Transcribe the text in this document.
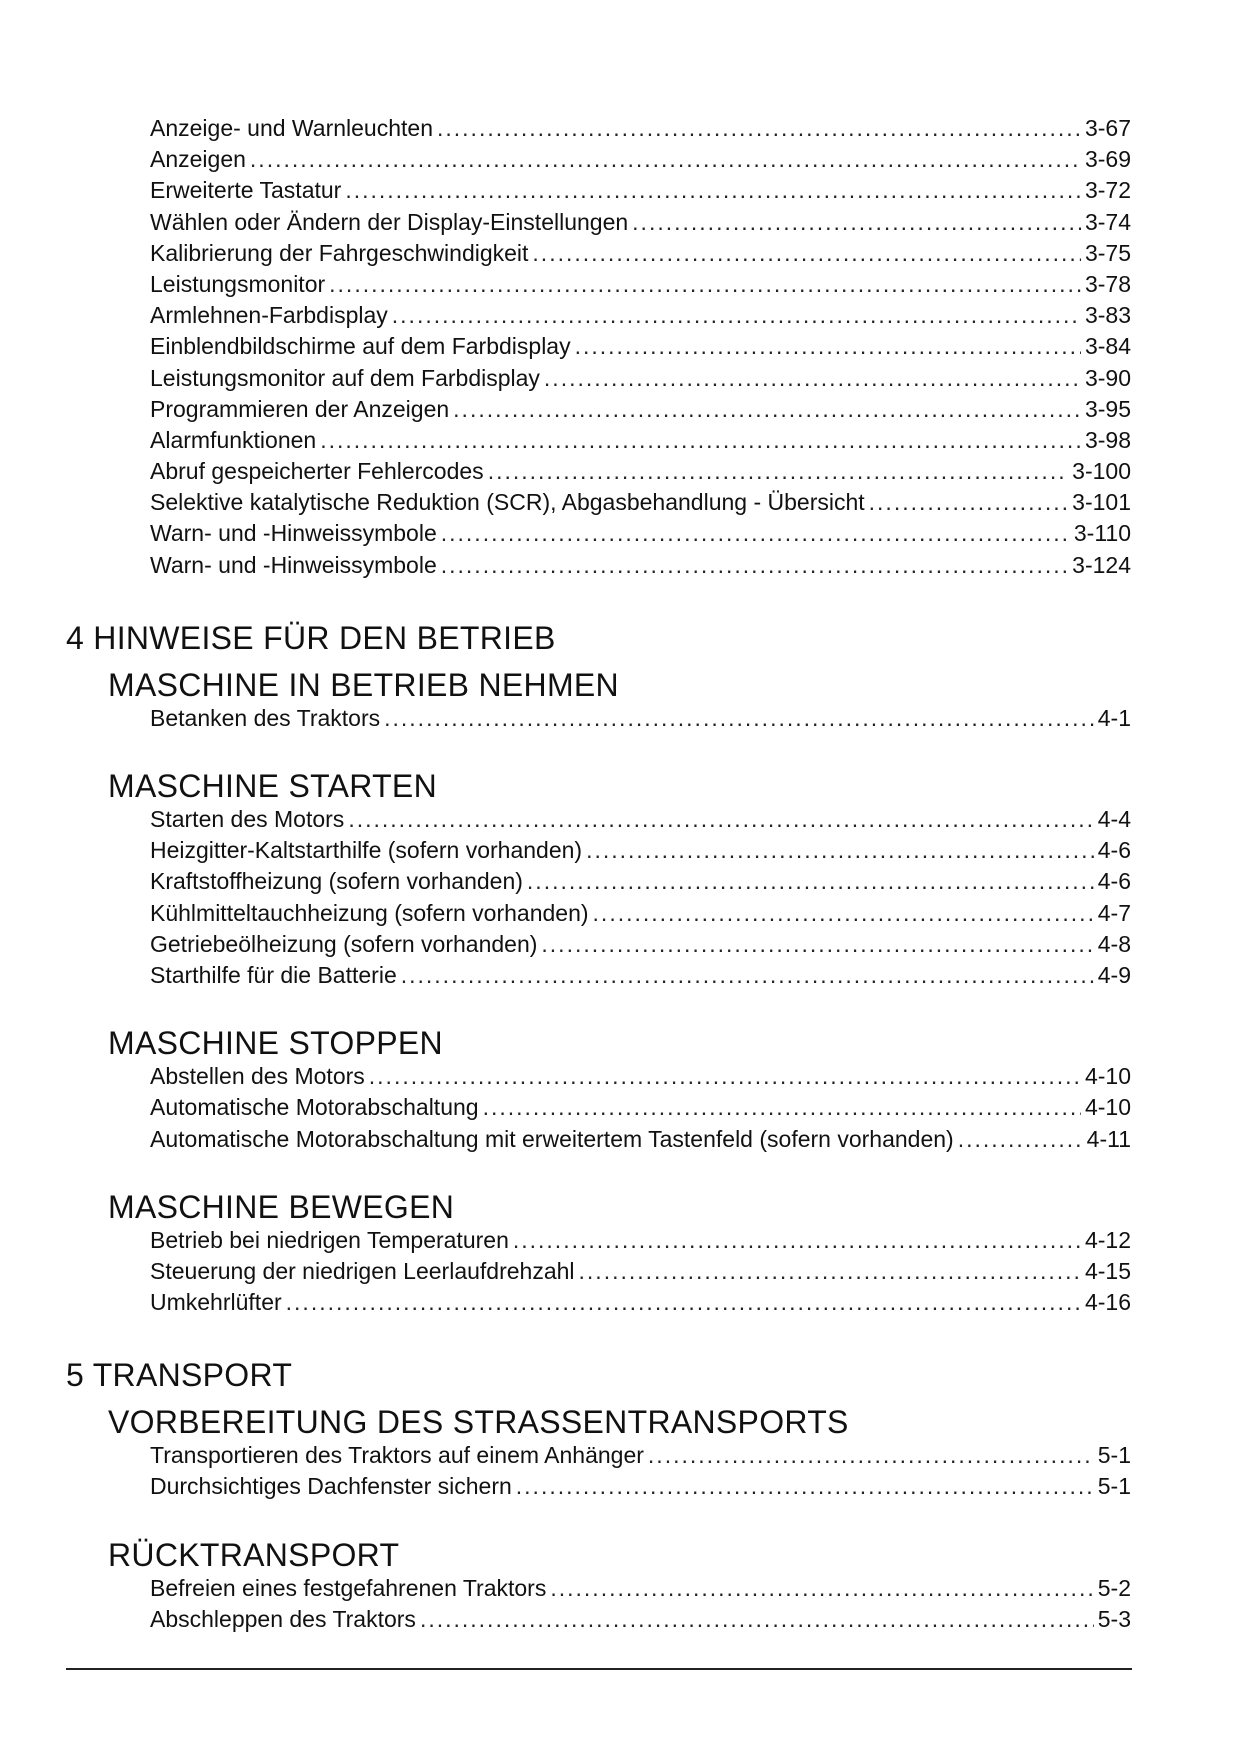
Anzeige- und Warnleuchten .....	3-67
Anzeigen .....	3-69
Erweiterte Tastatur .....	3-72
Wählen oder Ändern der Display-Einstellungen .....	3-74
Kalibrierung der Fahrgeschwindigkeit .....	3-75
Leistungsmonitor .....	3-78
Armlehnen-Farbdisplay .....	3-83
Einblendbildschirme auf dem Farbdisplay .....	3-84
Leistungsmonitor auf dem Farbdisplay .....	3-90
Programmieren der Anzeigen .....	3-95
Alarmfunktionen .....	3-98
Abruf gespeicherter Fehlercodes .....	3-100
Selektive katalytische Reduktion (SCR), Abgasbehandlung - Übersicht .....	3-101
Warn- und -Hinweissymbole .....	3-110
Warn- und -Hinweissymbole .....	3-124
4 HINWEISE FÜR DEN BETRIEB
MASCHINE IN BETRIEB NEHMEN
Betanken des Traktors .....	4-1
MASCHINE STARTEN
Starten des Motors .....	4-4
Heizgitter-Kaltstarthilfe (sofern vorhanden) .....	4-6
Kraftstoffheizung (sofern vorhanden) .....	4-6
Kühlmitteltauchheizung (sofern vorhanden) .....	4-7
Getriebeölheizung (sofern vorhanden) .....	4-8
Starthilfe für die Batterie .....	4-9
MASCHINE STOPPEN
Abstellen des Motors .....	4-10
Automatische Motorabschaltung .....	4-10
Automatische Motorabschaltung mit erweitertem Tastenfeld (sofern vorhanden) .....	4-11
MASCHINE BEWEGEN
Betrieb bei niedrigen Temperaturen .....	4-12
Steuerung der niedrigen Leerlaufdrehzahl .....	4-15
Umkehrlüfter .....	4-16
5 TRANSPORT
VORBEREITUNG DES STRASSENTRANSPORTS
Transportieren des Traktors auf einem Anhänger .....	5-1
Durchsichtiges Dachfenster sichern .....	5-1
RÜCKTRANSPORT
Befreien eines festgefahrenen Traktors .....	5-2
Abschleppen des Traktors .....	5-3
